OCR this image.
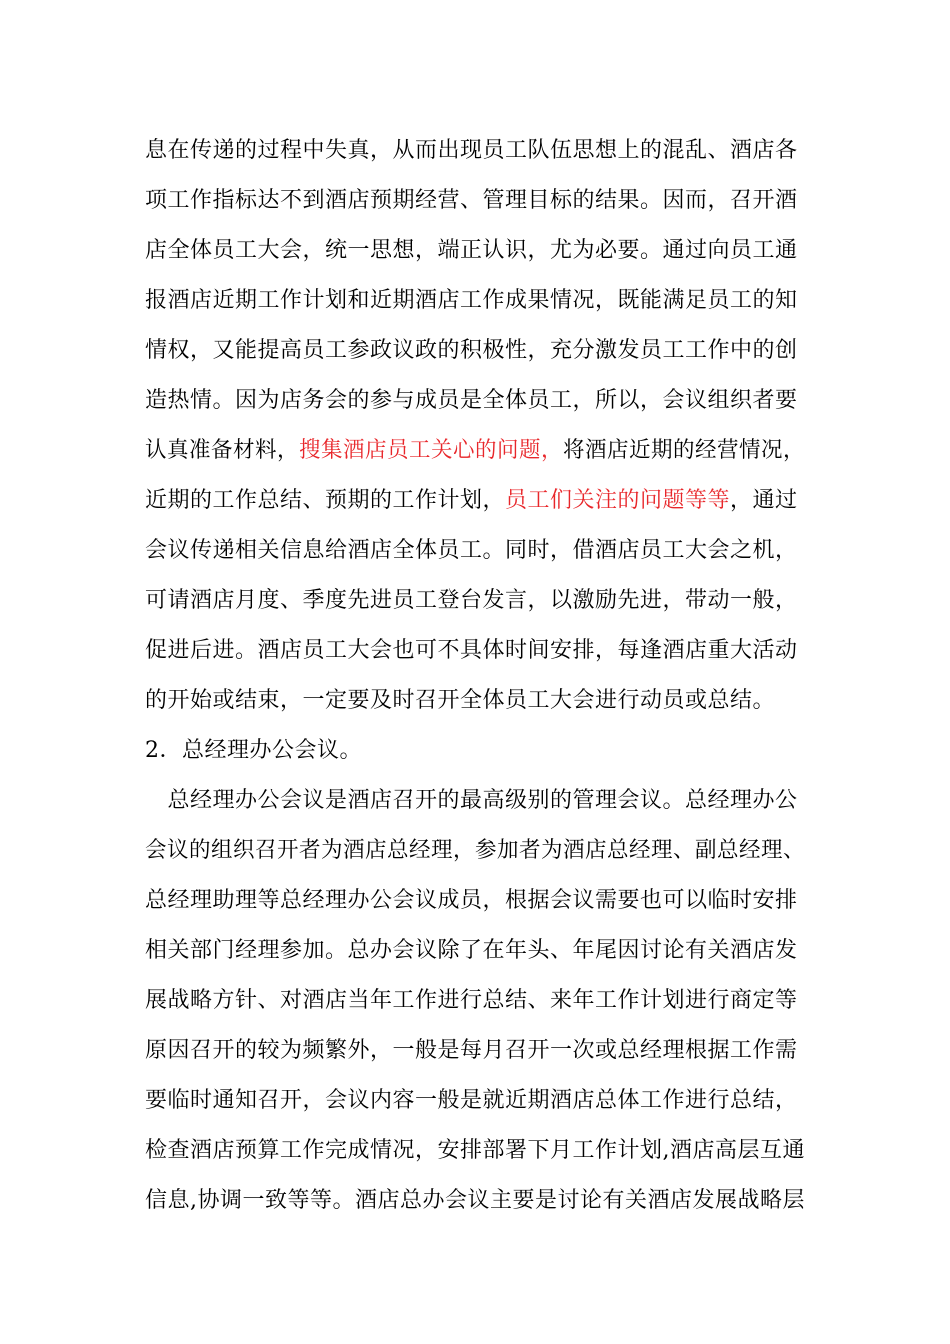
息在传递的过程中失真，从而出现员工队伍思想上的混乱、酒店各
项工作指标达不到酒店预期经营、管理目标的结果。因而，召开酒
店全体员工大会，统一思想，端正认识，尤为必要。通过向员工通
报酒店近期工作计划和近期酒店工作成果情况，既能满足员工的知
情权，又能提高员工参政议政的积极性，充分激发员工工作中的创
造热情。因为店务会的参与成员是全体员工，所以，会议组织者要
认真准备材料，搜集酒店员工关心的问题，将酒店近期的经营情况，
近期的工作总结、预期的工作计划，员工们关注的问题等等，通过
会议传递相关信息给酒店全体员工。同时，借酒店员工大会之机，
可请酒店月度、季度先进员工登台发言，以激励先进，带动一般，
促进后进。酒店员工大会也可不具体时间安排，每逢酒店重大活动
的开始或结束，一定要及时召开全体员工大会进行动员或总结。
2．总经理办公会议。
　总经理办公会议是酒店召开的最高级别的管理会议。总经理办公
会议的组织召开者为酒店总经理，参加者为酒店总经理、副总经理、
总经理助理等总经理办公会议成员，根据会议需要也可以临时安排
相关部门经理参加。总办会议除了在年头、年尾因讨论有关酒店发
展战略方针、对酒店当年工作进行总结、来年工作计划进行商定等
原因召开的较为频繁外，一般是每月召开一次或总经理根据工作需
要临时通知召开，会议内容一般是就近期酒店总体工作进行总结，
检查酒店预算工作完成情况，安排部署下月工作计划,酒店高层互通
信息,协调一致等等。酒店总办会议主要是讨论有关酒店发展战略层
